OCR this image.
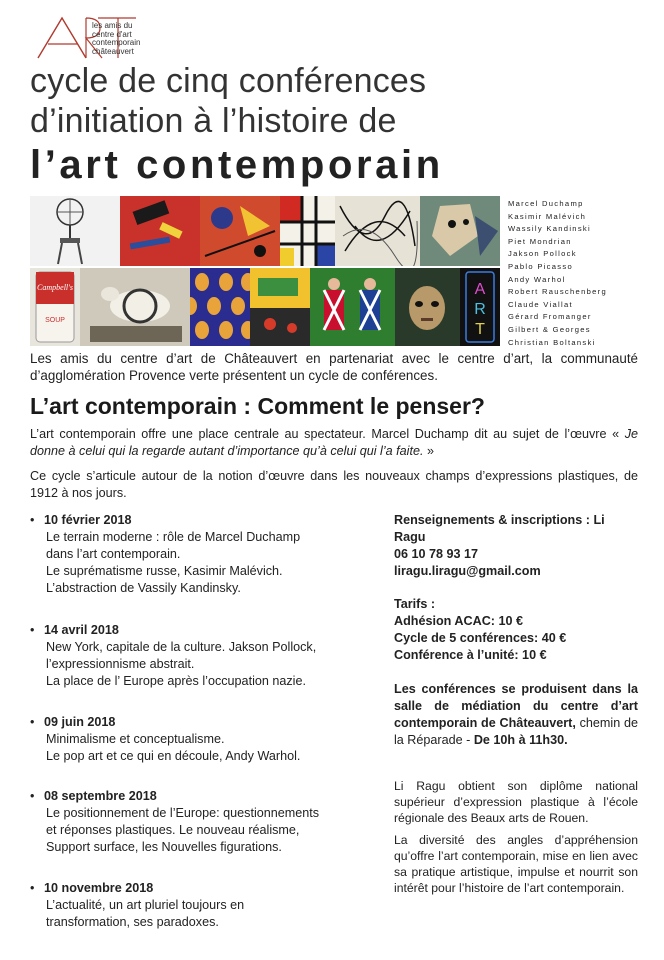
les amis du
centre d'art
contemporain
châteauvert
cycle de cinq conférences
d’initiation à l’histoire de
l’art contemporain
Campbell's
SOUP
A
R
T
Marcel Duchamp
Kasimir Malévich
Wassily Kandinski
Piet Mondrian
Jakson Pollock
Pablo Picasso
Andy Warhol
Robert Rauschenberg
Claude Viallat
Gérard Fromanger
Gilbert & Georges
Christian Boltanski
Les amis du centre d’art de Châteauvert en partenariat avec le centre d’art, la communauté d’agglomération Provence verte présentent un cycle de conférences.
L’art contemporain : Comment le penser?
L’art contemporain offre une place centrale au spectateur. Marcel Duchamp dit au sujet de l’œuvre « Je donne à celui qui la regarde autant d’importance qu’à celui qui l’a faite. »
Ce cycle s’articule autour de la notion d’œuvre dans les nouveaux champs d’expressions plastiques, de 1912 à nos jours.
• 10 février 2018
Le terrain moderne : rôle de Marcel Duchamp
dans l’art contemporain.
Le suprématisme russe, Kasimir Malévich.
L’abstraction de Vassily Kandinsky.
• 14 avril 2018
New York, capitale de la culture. Jakson Pollock,
l’expressionnisme abstrait.
La place de l’ Europe après l’occupation nazie.
• 09 juin 2018
Minimalisme et conceptualisme.
Le pop art et ce qui en découle, Andy Warhol.
• 08 septembre 2018
Le positionnement de l’Europe: questionnements
et réponses plastiques. Le nouveau réalisme,
Support surface, les Nouvelles figurations.
• 10 novembre 2018
L’actualité, un art pluriel toujours en
transformation, ses paradoxes.
Renseignements & inscriptions : Li Ragu
06 10 78 93 17
liragu.liragu@gmail.com
Tarifs :
Adhésion ACAC: 10 €
Cycle de 5 conférences: 40 €
Conférence à l’unité: 10 €
Les conférences se produisent dans la salle de médiation du centre d’art contemporain de Châteauvert, chemin de la Réparade - De 10h à 11h30.
Li Ragu obtient son diplôme national supérieur d’expression plastique à l’école régionale des Beaux arts de Rouen.
La diversité des angles d’appréhension qu’offre l’art contemporain, mise en lien avec sa pratique artistique, impulse et nourrit son intérêt pour l’histoire de l’art contemporain.
